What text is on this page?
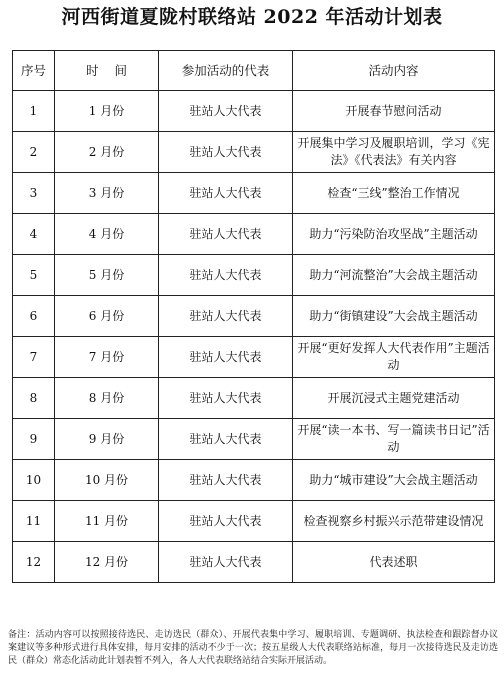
河西街道夏陇村联络站 2022 年活动计划表
序号	时    间	参加活动的代表	活动内容
1	1 月份	驻站人大代表	开展春节慰问活动
2	2 月份	驻站人大代表	开展集中学习及履职培训，学习《宪法》《代表法》有关内容
3	3 月份	驻站人大代表	检查“三线”整治工作情况
4	4 月份	驻站人大代表	助力“污染防治攻坚战”主题活动
5	5 月份	驻站人大代表	助力“河流整治”大会战主题活动
6	6 月份	驻站人大代表	助力“街镇建设”大会战主题活动
7	7 月份	驻站人大代表	开展“更好发挥人大代表作用”主题活动
8	8 月份	驻站人大代表	开展沉浸式主题党建活动
9	9 月份	驻站人大代表	开展“读一本书、写一篇读书日记”活动
10	10 月份	驻站人大代表	助力“城市建设”大会战主题活动
11	11 月份	驻站人大代表	检查视察乡村振兴示范带建设情况
12	12 月份	驻站人大代表	代表述职
备注：活动内容可以按照接待选民、走访选民（群众）、开展代表集中学习、履职培训、专题调研、执法检查和跟踪督办议案建议等多种形式进行具体安排，每月安排的活动不少于一次；按五星级人大代表联络站标准，每月一次接待选民及走访选民（群众）常态化活动此计划表暂不列入，各人大代表联络站结合实际开展活动。
